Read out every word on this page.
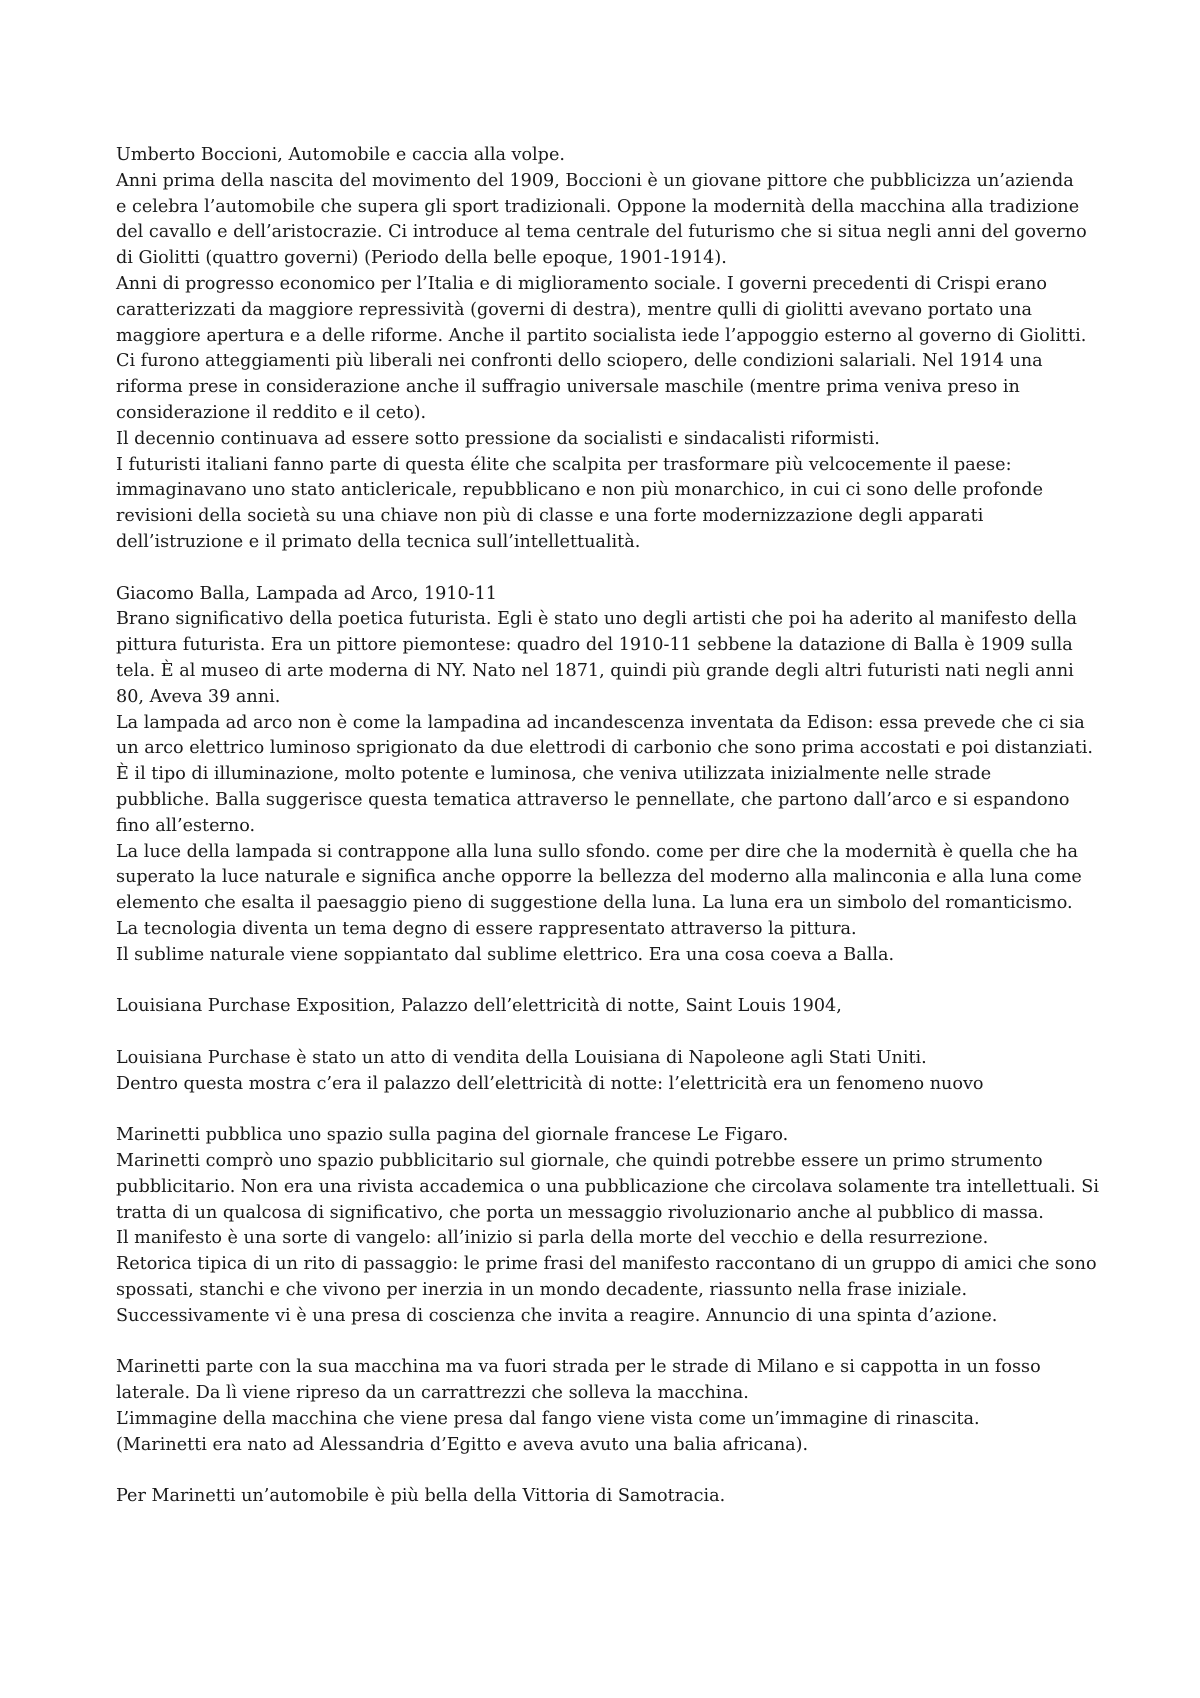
Umberto Boccioni, Automobile e caccia alla volpe.
Anni prima della nascita del movimento del 1909, Boccioni è un giovane pittore che pubblicizza un’azienda
e celebra l’automobile che supera gli sport tradizionali. Oppone la modernità della macchina alla tradizione
del cavallo e dell’aristocrazie. Ci introduce al tema centrale del futurismo che si situa negli anni del governo
di Giolitti (quattro governi) (Periodo della belle epoque, 1901-1914).
Anni di progresso economico per l’Italia e di miglioramento sociale. I governi precedenti di Crispi erano
caratterizzati da maggiore repressività (governi di destra), mentre qulli di giolitti avevano portato una
maggiore apertura e a delle riforme. Anche il partito socialista iede l’appoggio esterno al governo di Giolitti.
Ci furono atteggiamenti più liberali nei confronti dello sciopero, delle condizioni salariali. Nel 1914 una
riforma prese in considerazione anche il suffragio universale maschile (mentre prima veniva preso in
considerazione il reddito e il ceto).
Il decennio continuava ad essere sotto pressione da socialisti e sindacalisti riformisti.
I futuristi italiani fanno parte di questa élite che scalpita per trasformare più velcocemente il paese:
immaginavano uno stato anticlericale, repubblicano e non più monarchico, in cui ci sono delle profonde
revisioni della società su una chiave non più di classe e una forte modernizzazione degli apparati
dell’istruzione e il primato della tecnica sull’intellettualità.
Giacomo Balla, Lampada ad Arco, 1910-11
Brano significativo della poetica futurista. Egli è stato uno degli artisti che poi ha aderito al manifesto della
pittura futurista. Era un pittore piemontese: quadro del 1910-11 sebbene la datazione di Balla è 1909 sulla
tela. È al museo di arte moderna di NY. Nato nel 1871, quindi più grande degli altri futuristi nati negli anni
80, Aveva 39 anni.
La lampada ad arco non è come la lampadina ad incandescenza inventata da Edison: essa prevede che ci sia
un arco elettrico luminoso sprigionato da due elettrodi di carbonio che sono prima accostati e poi distanziati.
È il tipo di illuminazione, molto potente e luminosa, che veniva utilizzata inizialmente nelle strade
pubbliche. Balla suggerisce questa tematica attraverso le pennellate, che partono dall’arco e si espandono
fino all’esterno.
La luce della lampada si contrappone alla luna sullo sfondo. come per dire che la modernità è quella che ha
superato la luce naturale e significa anche opporre la bellezza del moderno alla malinconia e alla luna come
elemento che esalta il paesaggio pieno di suggestione della luna. La luna era un simbolo del romanticismo.
La tecnologia diventa un tema degno di essere rappresentato attraverso la pittura.
Il sublime naturale viene soppiantato dal sublime elettrico. Era una cosa coeva a Balla.
Louisiana Purchase Exposition, Palazzo dell’elettricità di notte, Saint Louis 1904,
Louisiana Purchase è stato un atto di vendita della Louisiana di Napoleone agli Stati Uniti.
Dentro questa mostra c’era il palazzo dell’elettricità di notte: l’elettricità era un fenomeno nuovo
Marinetti pubblica uno spazio sulla pagina del giornale francese Le Figaro.
Marinetti comprò uno spazio pubblicitario sul giornale, che quindi potrebbe essere un primo strumento
pubblicitario. Non era una rivista accademica o una pubblicazione che circolava solamente tra intellettuali. Si
tratta di un qualcosa di significativo, che porta un messaggio rivoluzionario anche al pubblico di massa.
Il manifesto è una sorte di vangelo: all’inizio si parla della morte del vecchio e della resurrezione.
Retorica tipica di un rito di passaggio: le prime frasi del manifesto raccontano di un gruppo di amici che sono
spossati, stanchi e che vivono per inerzia in un mondo decadente, riassunto nella frase iniziale.
Successivamente vi è una presa di coscienza che invita a reagire. Annuncio di una spinta d’azione.
Marinetti parte con la sua macchina ma va fuori strada per le strade di Milano e si cappotta in un fosso
laterale. Da lì viene ripreso da un carrattrezzi che solleva la macchina.
L’immagine della macchina che viene presa dal fango viene vista come un’immagine di rinascita.
(Marinetti era nato ad Alessandria d’Egitto e aveva avuto una balia africana).
Per Marinetti un’automobile è più bella della Vittoria di Samotracia.
